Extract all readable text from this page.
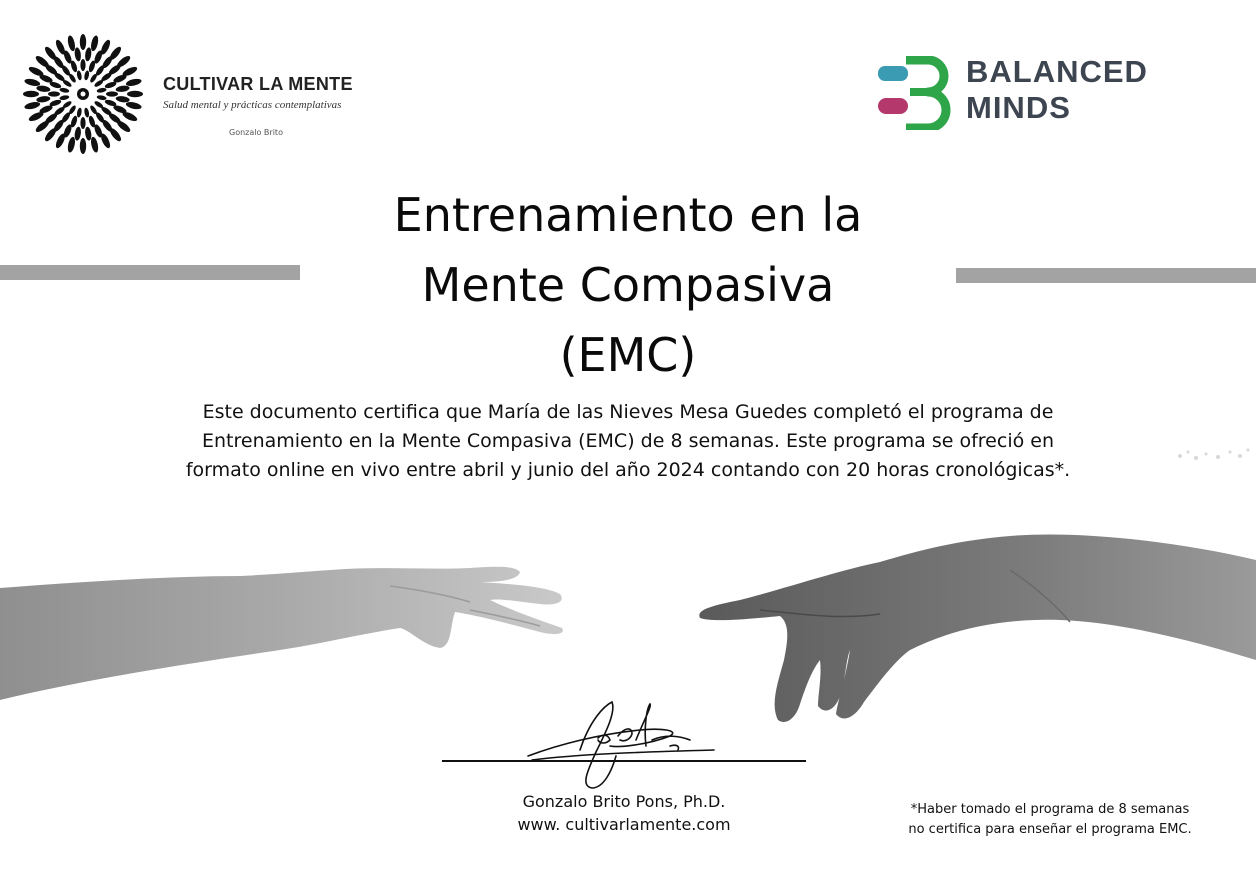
CULTIVAR LA MENTE
Salud mental y prácticas contemplativas
Gonzalo Brito
BALANCED
MINDS
Entrenamiento en la
Mente Compasiva
(EMC)
Este documento certifica que María de las Nieves Mesa Guedes completó el programa de
Entrenamiento en la Mente Compasiva (EMC) de 8 semanas. Este programa se ofreció en
formato online en vivo entre abril y junio del año 2024 contando con 20 horas cronológicas*.
Gonzalo Brito Pons, Ph.D.
www. cultivarlamente.com
*Haber tomado el programa de 8 semanas
no certifica para enseñar el programa EMC.
